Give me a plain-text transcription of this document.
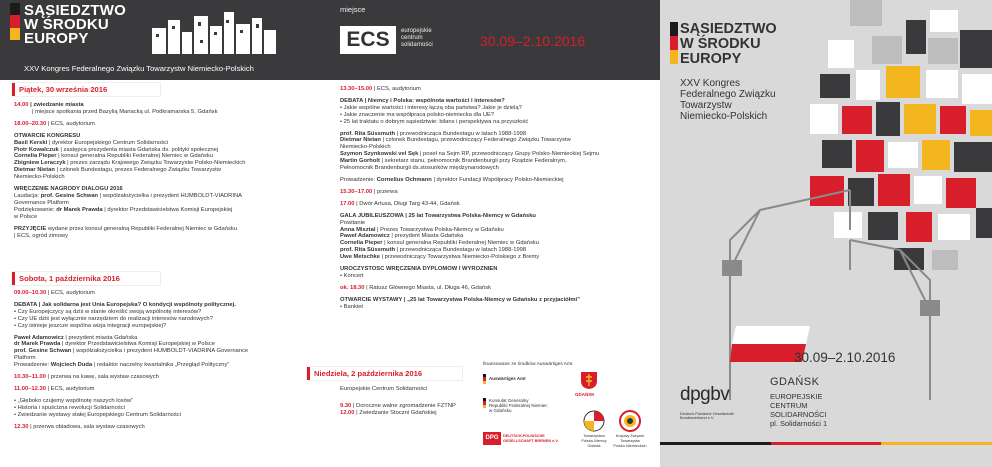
SĄSIEDZTWO
W ŚRODKU
EUROPY
XXV Kongres Federalnego Związku Towarzystw Niemiecko-Polskich
miejsce
ECS	europejskie
centrum
solidarności	30.09–2.10.2016
Piątek, 30 września 2016

14.00 | zwiedzanie miasta

| miejsce spotkania przed Bazylią Mariacką ul. Podkramarska 5, Gdańsk

18.00–20.30 | ECS, audytorium

OTWARCIE KONGRESU

Basil Kerski | dyrektor Europejskiego Centrum Solidarności

Piotr Kowalczuk | zastępca prezydenta miasta Gdańska ds. polityki społecznej

Cornelia Pieper | konsul generalna Republiki Federalnej Niemiec w Gdańsku

Zbigniew Leraczyk | prezes zarządu Krajowego Związku Towarzystw Polsko-Niemieckich

Dietmar Nietan | członek Bundestagu, prezes Federalnego Związku Towarzystw

Niemiecko-Polskich

WRĘCZENIE NAGRODY DIALOGU 2016

Laudacja: prof. Gesine Schwan | współzałożycielka i prezydent HUMBOLDT-VIADRINA

Governance Platform

Podziękowanie: dr Marek Prawda | dyrektor Przedstawicielstwa Komisji Europejskiej

w Polsce

PRZYJĘCIE wydane przez konsul generalną Republiki Federalnej Niemiec w Gdańsku

| ECS, ogród zimowy

Sobota, 1 października 2016

09.00–10.30 | ECS, audytorium

DEBATA | Jak solidarna jest Unia Europejska? O kondycji wspólnoty politycznej.

• Czy Europejczycy są dziś w stanie określić swoją wspólnotę interesów?

• Czy UE dziś jest wyłącznie narzędziem do realizacji interesów narodowych?

• Czy istnieje jeszcze wspólna wizja integracji europejskiej?

Paweł Adamowicz | prezydent miasta Gdańska

dr Marek Prawda | dyrektor Przedstawicielstwa Komisji Europejskiej w Polsce

prof. Gesine Schwan | współzałożycielka i prezydent HUMBOLDT-VIADRINA Governance

Platform

Prowadzenie: Wojciech Duda | redaktor naczelny kwartalnika „Przegląd Polityczny”

10.30–11.00 | przerwa na kawę, sala wystaw czasowych

11.00–12.30 | ECS, audytorium

• „Głęboko czujemy wspólnotę naszych losów”

• Historia i spuścizna rewolucji Solidarności

• Zwiedzanie wystawy stałej Europejskiego Centrum Solidarności

12.30 | przerwa obiadowa, sala wystaw czasowych

13.30–15.00 | ECS, audytorium

DEBATA | Niemcy i Polska: wspólnota wartości i interesów?

• Jakie wspólne wartości i interesy łączą oba państwa? Jakie je dzielą?

• Jakie znaczenie ma współpraca polsko-niemiecka dla UE?

• 25 lat traktatu o dobrym sąsiedztwie: bilans i perspektywa na przyszłość

prof. Rita Süssmuth | przewodnicząca Bundestagu w latach 1988-1998

Dietmar Nietan | członek Bundestagu, przewodniczący Federalnego Związku Towarzystw

Niemiecko-Polskich

Szymon Szynkowski vel Sęk | poseł na Sejm RP, przewodniczący Grupy Polsko-Niemieckiej Sejmu

Martin Gorholt | sekretarz stanu, pełnomocnik Brandenburgii przy Rządzie Federalnym,

Pełnomocnik Brandenburgii ds.stosunków międzynarodowych

Prowadzenie: Cornelius Ochmann | dyrektor Fundacji Współpracy Polsko-Niemieckiej

15.30–17.00 | przerwa

17.00 | Dwór Artusa, Długi Targ 43-44, Gdańsk

GALA JUBILEUSZOWA | 25 lat Towarzystwa Polska-Niemcy w Gdańsku

Powitanie

Anna Misztal | Prezes Towarzystwa Polska-Niemcy w Gdańsku

Paweł Adamowicz | prezydent Miasta Gdańska

Cornelia Pieper | konsul generalna Republiki Federalnej Niemiec w Gdańsku

prof. Rita Süssmuth | przewodnicząca Bundestagu w latach 1988-1998

Uwe Metschke | przewodniczący Towarzystwa Niemiecko-Polskiego z Bremy

UROCZYSTOŚĆ WRĘCZENIA DYPLOMÓW I WYRÓŻNIEŃ

• Koncert

ok. 18.30 | Ratusz Głównego Miasta, ul. Długa 46, Gdańsk

OTWARCIE WYSTAWY | „25 lat Towarzystwa Polska-Niemcy w Gdańsku z przyjaciółmi”

• Bankiet

Niedziela, 2 października 2016

Europejskie Centrum Solidarności

9.30 | Doroczne walne zgromadzenie FZTNP

12.00 | Zwiedzanie Stoczni Gdańskiej

finansowane ze środków Auswärtiges Amt
Auswärtiges Amt
Konsulat Generalny
Republiki Federalnej Niemiec
w Gdańsku
DPG	DEUTSCH-POLNISCHE
GESELLSCHAFT BREMEN e.V.
GDAŃSK
Towarzystwo
Polska-Niemcy
Gdańsk
Krajowy Związek
Towarzystw
Polsko-Niemieckich
SĄSIEDZTWO
W ŚRODKU
EUROPY
XXV Kongres
Federalnego Związku
Towarzystw
Niemiecko-Polskich
30.09–2.10.2016
dpgbv
Deutsch-Polnische Gesellschaft
Bundesverband e.V.
GDAŃSK
EUROPEJSKIE
CENTRUM
SOLIDARNOŚCI
pl. Solidarności 1
